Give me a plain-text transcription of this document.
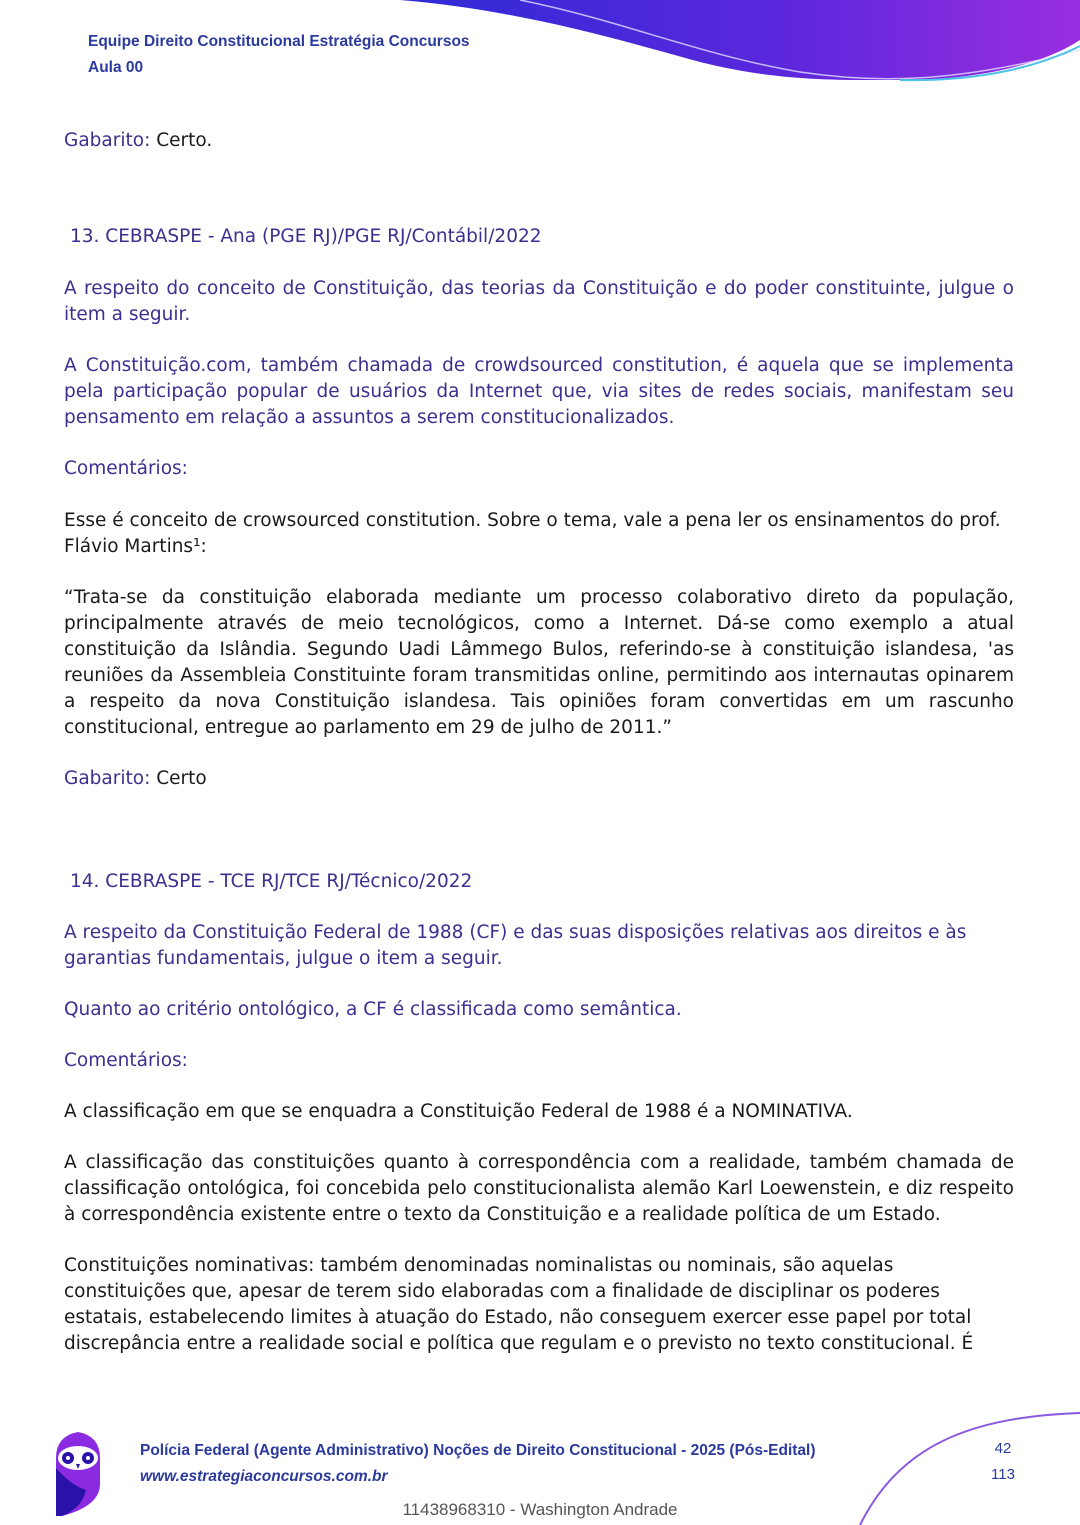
Equipe Direito Constitucional Estratégia Concursos
Aula 00

Gabarito: Certo.

13. CEBRASPE - Ana (PGE RJ)/PGE RJ/Contábil/2022

A respeito do conceito de Constituição, das teorias da Constituição e do poder constituinte, julgue o item a seguir.

A Constituição.com, também chamada de crowdsourced constitution, é aquela que se implementa pela participação popular de usuários da Internet que, via sites de redes sociais, manifestam seu pensamento em relação a assuntos a serem constitucionalizados.

Comentários:

Esse é conceito de crowsourced constitution. Sobre o tema, vale a pena ler os ensinamentos do prof. Flávio Martins¹:

“Trata-se da constituição elaborada mediante um processo colaborativo direto da população, principalmente através de meio tecnológicos, como a Internet. Dá-se como exemplo a atual constituição da Islândia. Segundo Uadi Lâmmego Bulos, referindo-se à constituição islandesa, 'as reuniões da Assembleia Constituinte foram transmitidas online, permitindo aos internautas opinarem a respeito da nova Constituição islandesa. Tais opiniões foram convertidas em um rascunho constitucional, entregue ao parlamento em 29 de julho de 2011.”

Gabarito: Certo

14. CEBRASPE - TCE RJ/TCE RJ/Técnico/2022

A respeito da Constituição Federal de 1988 (CF) e das suas disposições relativas aos direitos e às garantias fundamentais, julgue o item a seguir.

Quanto ao critério ontológico, a CF é classificada como semântica.

Comentários:

A classificação em que se enquadra a Constituição Federal de 1988 é a NOMINATIVA.

A classificação das constituições quanto à correspondência com a realidade, também chamada de classificação ontológica, foi concebida pelo constitucionalista alemão Karl Loewenstein, e diz respeito à correspondência existente entre o texto da Constituição e a realidade política de um Estado.

Constituições nominativas: também denominadas nominalistas ou nominais, são aquelas constituições que, apesar de terem sido elaboradas com a finalidade de disciplinar os poderes estatais, estabelecendo limites à atuação do Estado, não conseguem exercer esse papel por total discrepância entre a realidade social e política que regulam e o previsto no texto constitucional. É

Polícia Federal (Agente Administrativo) Noções de Direito Constitucional - 2025 (Pós-Edital)
www.estrategiaconcursos.com.br
42
113
11438968310 - Washington Andrade
